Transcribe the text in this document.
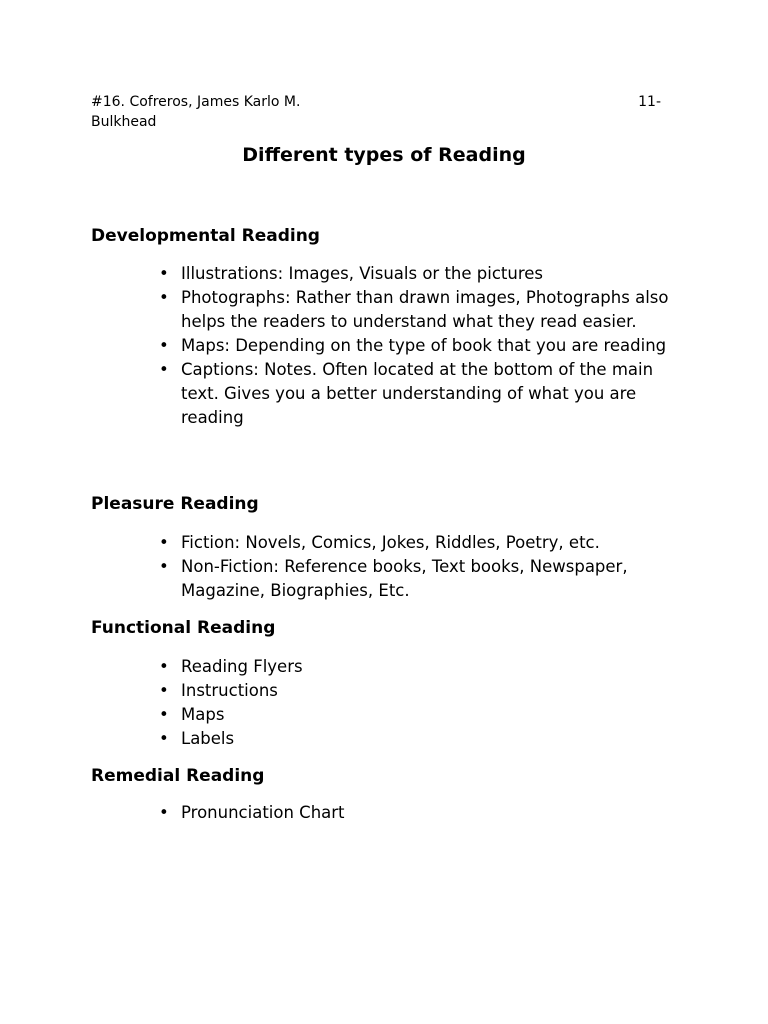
#16. Cofreros, James Karlo M.	11-
Bulkhead
Different types of Reading
Developmental Reading
• Illustrations: Images, Visuals or the pictures
• Photographs: Rather than drawn images, Photographs also helps the readers to understand what they read easier.
• Maps: Depending on the type of book that you are reading
• Captions: Notes. Often located at the bottom of the main text. Gives you a better understanding of what you are reading
Pleasure Reading
• Fiction: Novels, Comics, Jokes, Riddles, Poetry, etc.
• Non-Fiction: Reference books, Text books, Newspaper, Magazine, Biographies, Etc.
Functional Reading
• Reading Flyers
• Instructions
• Maps
• Labels
Remedial Reading
• Pronunciation Chart
